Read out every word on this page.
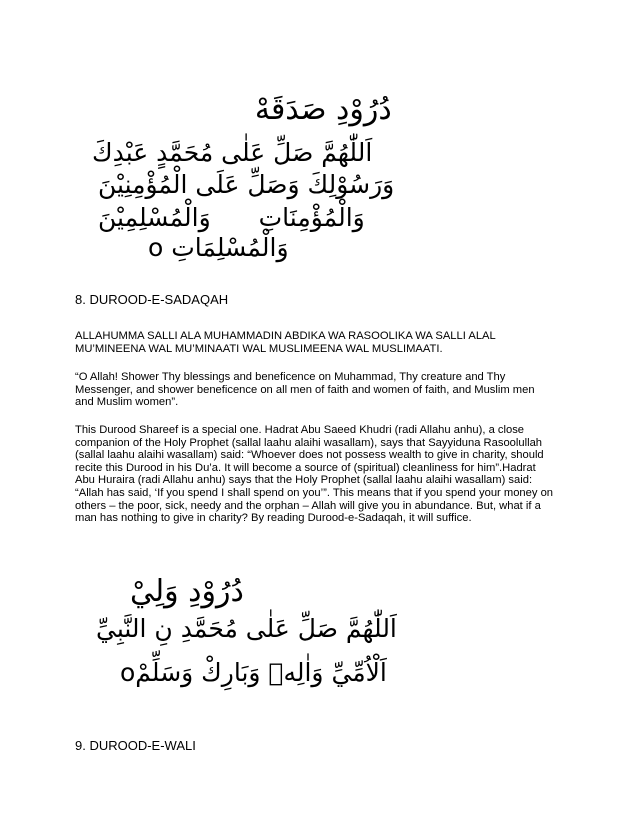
دُرُوْدِ صَدَقَهْ
اَللّٰهُمَّ صَلِّ عَلٰى مُحَمَّدٍ عَبْدِكَ
وَرَسُوْلِكَ وَصَلِّ عَلَى الْمُؤْمِنِيْنَ
وَالْمُؤْمِنَاتِ وَالْمُسْلِمِيْنَ
وَالْمُسْلِمَاتِ o
8. DUROOD-E-SADAQAH

ALLAHUMMA SALLI ALA MUHAMMADIN ABDIKA WA RASOOLIKA WA SALLI ALAL MU’MINEENA WAL MU’MINAATI WAL MUSLIMEENA WAL MUSLIMAATI.

“O Allah! Shower Thy blessings and beneficence on Muhammad, Thy creature and Thy Messenger, and shower beneficence on all men of faith and women of faith, and Muslim men and Muslim women”.

This Durood Shareef is a special one. Hadrat Abu Saeed Khudri (radi Allahu anhu), a close companion of the Holy Prophet (sallal laahu alaihi wasallam), says that Sayyiduna Rasoolullah (sallal laahu alaihi wasallam) said: “Whoever does not possess wealth to give in charity, should recite this Durood in his Du’a. It will become a source of (spiritual) cleanliness for him”.Hadrat Abu Huraira (radi Allahu anhu) says that the Holy Prophet (sallal laahu alaihi wasallam) said: “Allah has said, ‘If you spend I shall spend on you’”. This means that if you spend your money on others – the poor, sick, needy and the orphan – Allah will give you in abundance. But, what if a man has nothing to give in charity? By reading Durood-e-Sadaqah, it will suffice.

دُرُوْدِ وَلِيْ
اَللّٰهُمَّ صَلِّ عَلٰى مُحَمَّدِ نِ النَّبِيِّ
اَلْاُمِّيِّ وَاٰلِهٖ وَبَارِكْ وَسَلِّمْo
9. DUROOD-E-WALI
